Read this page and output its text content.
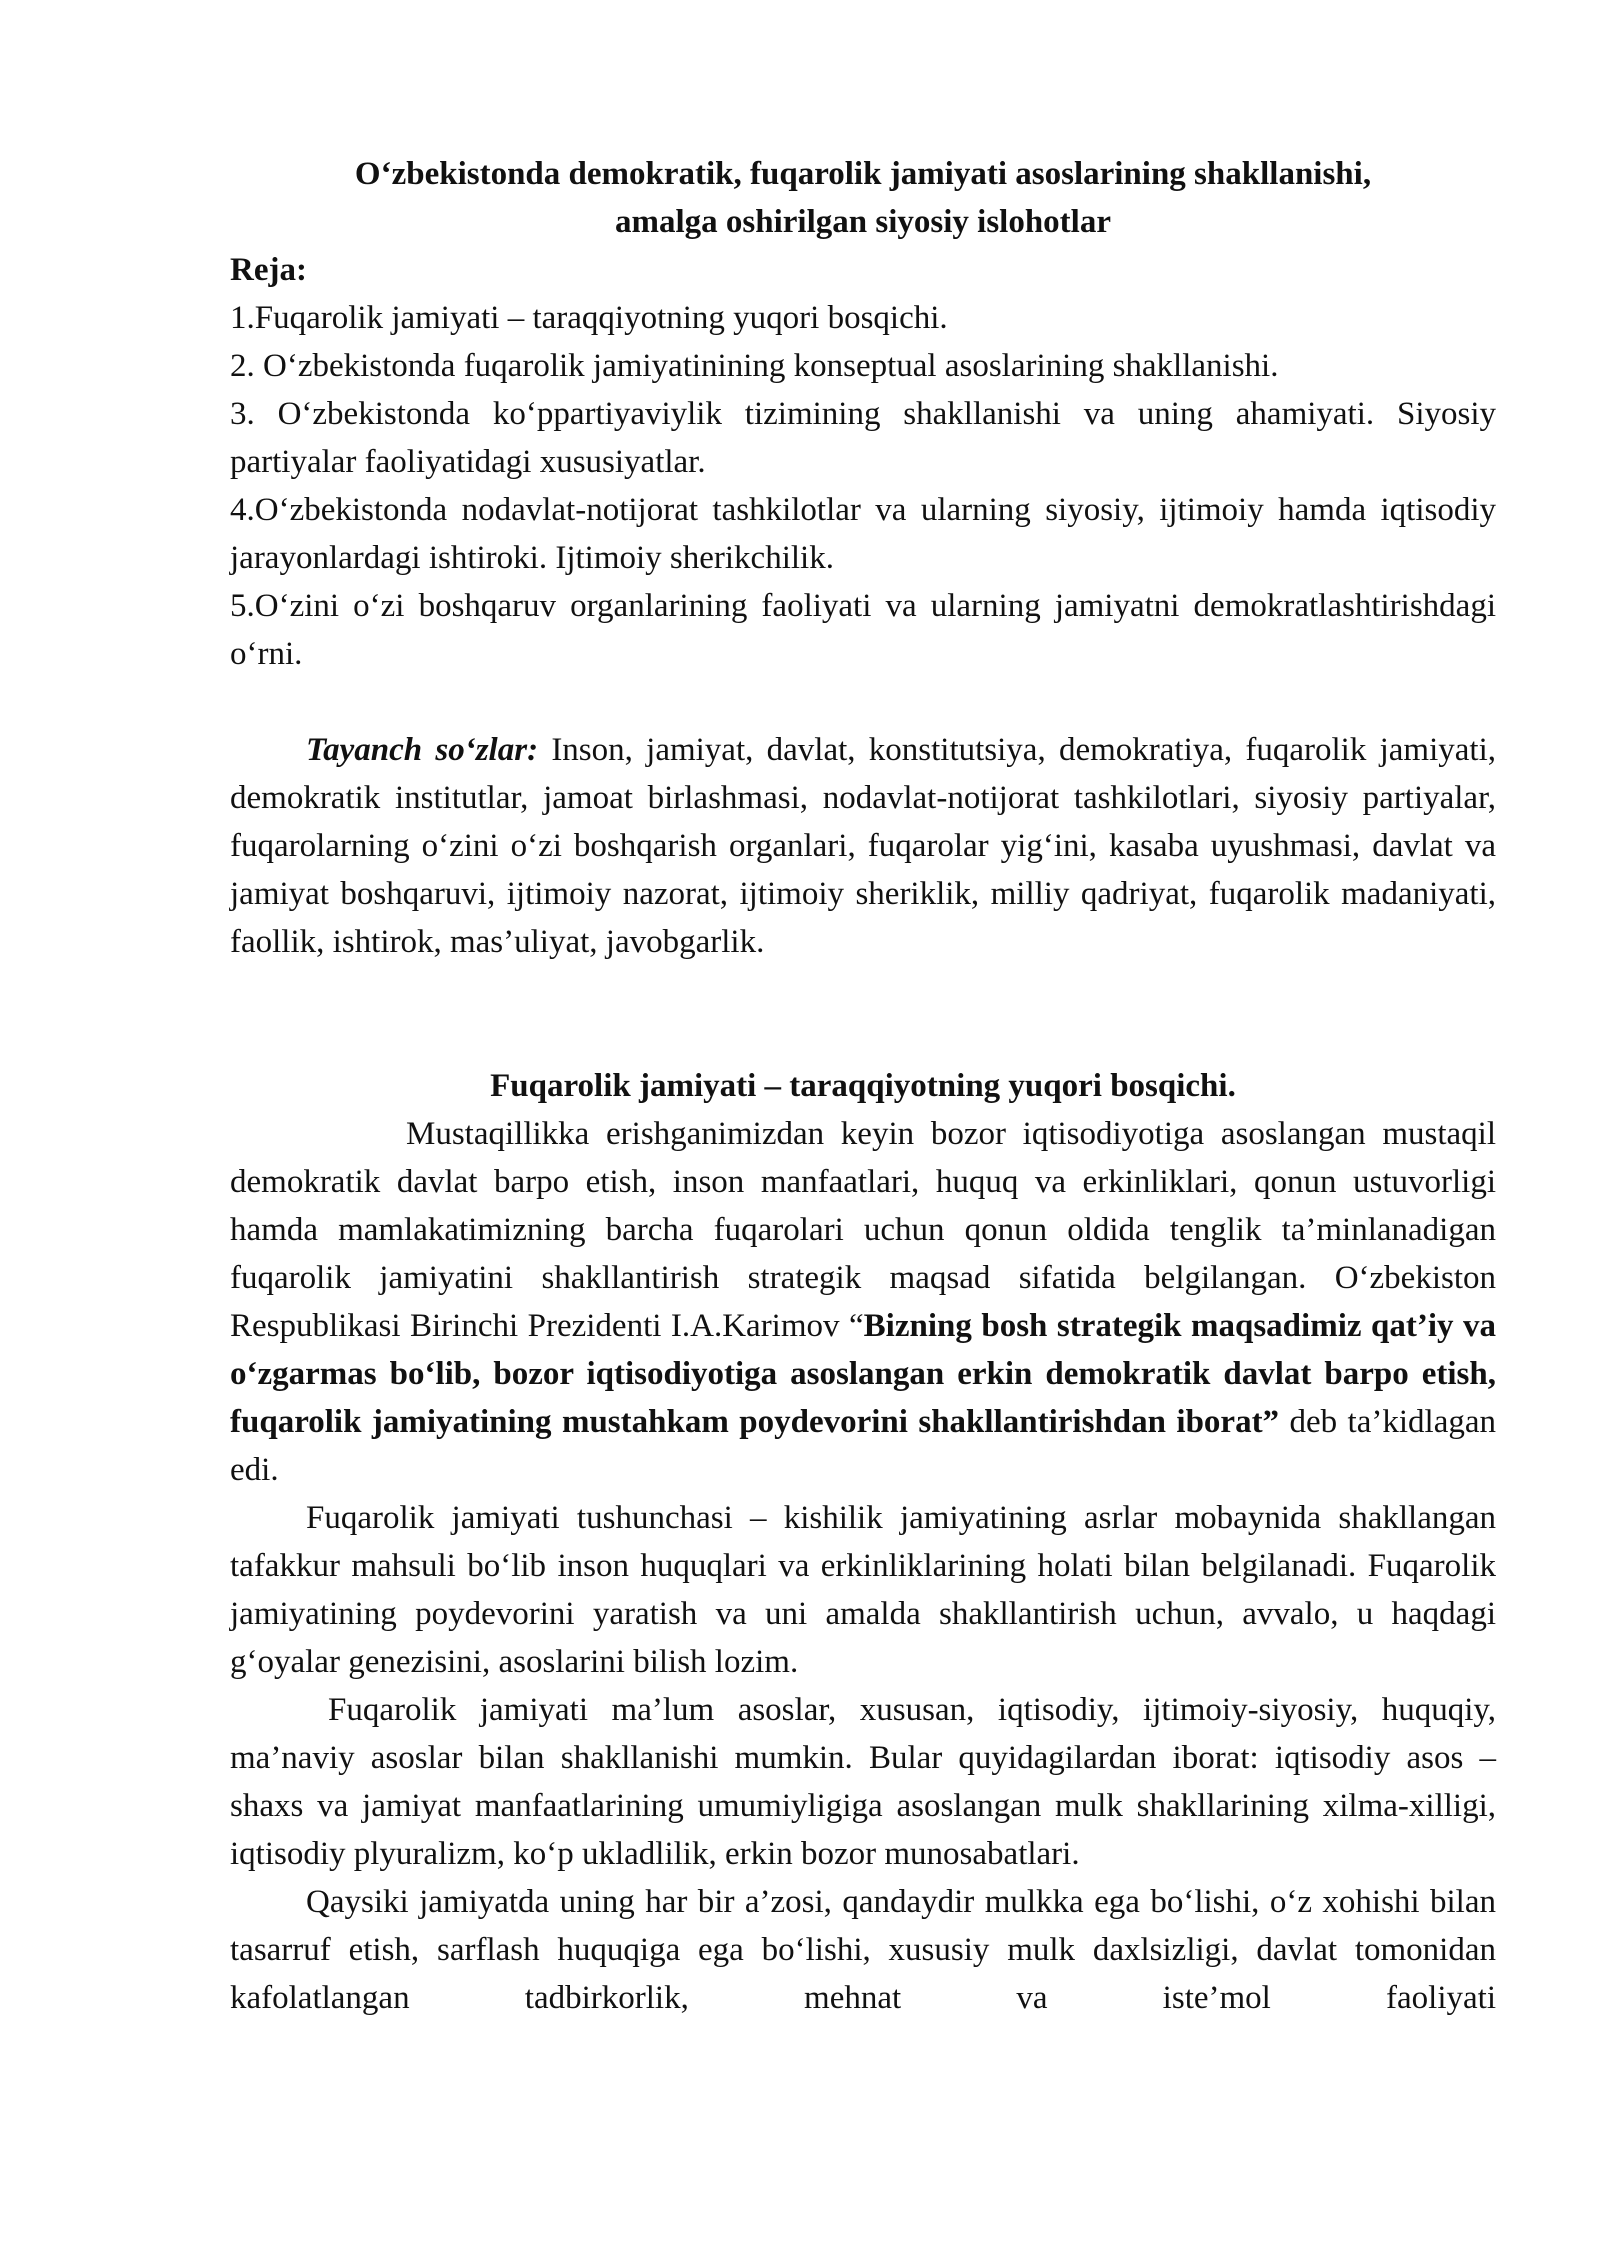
O‘zbekistonda demokratik, fuqarolik jamiyati asoslarining shakllanishi,

amalga oshirilgan siyosiy islohotlar

Reja:

1.Fuqarolik jamiyati – taraqqiyotning yuqori bosqichi.
2. O‘zbekistonda fuqarolik jamiyatinining konseptual asoslarining shakllanishi.
3. O‘zbekistonda ko‘ppartiyaviylik tizimining shakllanishi va uning ahamiyati. Siyosiy partiyalar faoliyatidagi xususiyatlar.
4.O‘zbekistonda nodavlat-notijorat tashkilotlar va ularning siyosiy, ijtimoiy hamda iqtisodiy jarayonlardagi ishtiroki. Ijtimoiy sherikchilik.
5.O‘zini o‘zi boshqaruv organlarining faoliyati va ularning jamiyatni demokratlashtirishdagi o‘rni.

Tayanch so‘zlar: Inson, jamiyat, davlat, konstitutsiya, demokratiya, fuqarolik jamiyati, demokratik institutlar, jamoat birlashmasi, nodavlat-notijorat tashkilotlari, siyosiy partiyalar, fuqarolarning o‘zini o‘zi boshqarish organlari, fuqarolar yig‘ini, kasaba uyushmasi, davlat va jamiyat boshqaruvi, ijtimoiy nazorat, ijtimoiy sheriklik, milliy qadriyat, fuqarolik madaniyati, faollik, ishtirok, mas’uliyat, javobgarlik.

Fuqarolik jamiyati – taraqqiyotning yuqori bosqichi.

Mustaqillikka erishganimizdan keyin bozor iqtisodiyotiga asoslangan mustaqil demokratik davlat barpo etish, inson manfaatlari, huquq va erkinliklari, qonun ustuvorligi hamda mamlakatimizning barcha fuqarolari uchun qonun oldida tenglik ta’minlanadigan fuqarolik jamiyatini shakllantirish strategik maqsad sifatida belgilangan. O‘zbekiston Respublikasi Birinchi Prezidenti I.A.Karimov “Bizning bosh strategik maqsadimiz qat’iy va o‘zgarmas bo‘lib, bozor iqtisodiyotiga asoslangan erkin demokratik davlat barpo etish, fuqarolik jamiyatining mustahkam poydevorini shakllantirishdan iborat” deb ta’kidlagan edi.

Fuqarolik jamiyati tushunchasi – kishilik jamiyatining asrlar mobaynida shakllangan tafakkur mahsuli bo‘lib inson huquqlari va erkinliklarining holati bilan belgilanadi. Fuqarolik jamiyatining poydevorini yaratish va uni amalda shakllantirish uchun, avvalo, u haqdagi g‘oyalar genezisini, asoslarini bilish lozim.

Fuqarolik jamiyati ma’lum asoslar, xususan, iqtisodiy, ijtimoiy-siyosiy, huquqiy, ma’naviy asoslar bilan shakllanishi mumkin. Bular quyidagilardan iborat: iqtisodiy asos – shaxs va jamiyat manfaatlarining umumiyligiga asoslangan mulk shakllarining xilma-xilligi, iqtisodiy plyuralizm, ko‘p ukladlilik, erkin bozor munosabatlari.

Qaysiki jamiyatda uning har bir a’zosi, qandaydir mulkka ega bo‘lishi, o‘z xohishi bilan tasarruf etish, sarflash huquqiga ega bo‘lishi, xususiy mulk daxlsizligi, davlat tomonidan kafolatlangan tadbirkorlik, mehnat va iste’mol faoliyati
